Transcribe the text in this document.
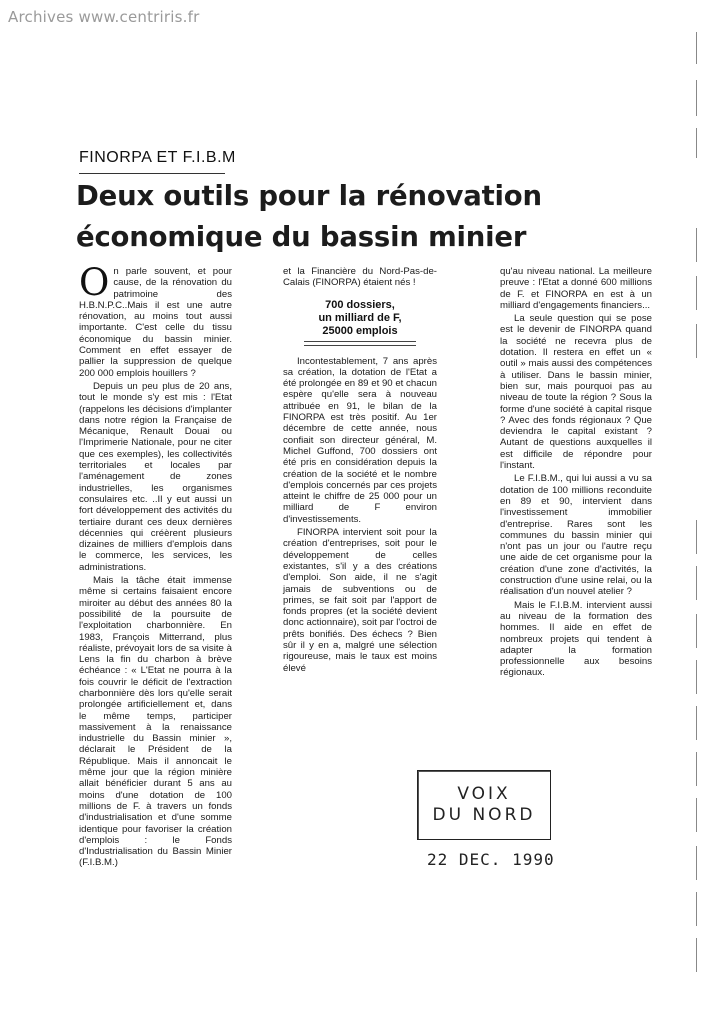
Archives www.centriris.fr
FINORPA ET F.I.B.M
Deux outils pour la rénovation économique du bassin minier
O n parle souvent, et pour cause, de la rénovation du patrimoine des H.B.N.P.C..Mais il est une autre rénovation, au moins tout aussi importante. C'est celle du tissu économique du bassin minier. Comment en effet essayer de pallier la suppression de quelque 200 000 emplois houillers ?

Depuis un peu plus de 20 ans, tout le monde s'y est mis : l'Etat (rappelons les décisions d'implanter dans notre région la Française de Mécanique, Renault Douai ou l'Imprimerie Nationale, pour ne citer que ces exemples), les collectivités territoriales et locales par l'aménagement de zones industrielles, les organismes consulaires etc. ..Il y eut aussi un fort développement des activités du tertiaire durant ces deux dernières décennies qui créèrent plusieurs dizaines de milliers d'emplois dans le commerce, les services, les administrations.

Mais la tâche était immense même si certains faisaient encore miroiter au début des années 80 la possibilité de la poursuite de l'exploitation charbonnière. En 1983, François Mitterrand, plus réaliste, prévoyait lors de sa visite à Lens la fin du charbon à brève échéance : « L'Etat ne pourra à la fois couvrir le déficit de l'extraction charbonnière dès lors qu'elle serait prolongée artificiellement et, dans le même temps, participer massivement à la renaissance industrielle du Bassin minier », déclarait le Président de la République. Mais il annoncait le même jour que la région minière allait bénéficier durant 5 ans au moins d'une dotation de 100 millions de F. à travers un fonds d'industrialisation et d'une somme identique pour favoriser la création d'emplois : le Fonds d'Industrialisation du Bassin Minier (F.I.B.M.)

et la Financière du Nord-Pas-de-Calais (FINORPA) étaient nés !

700 dossiers,
un milliard de F,
25000 emplois

Incontestablement, 7 ans après sa création, la dotation de l'Etat a été prolongée en 89 et 90 et chacun espère qu'elle sera à nouveau attribuée en 91, le bilan de la FINORPA est très positif. Au 1er décembre de cette année, nous confiait son directeur général, M. Michel Guffond, 700 dossiers ont été pris en considération depuis la création de la société et le nombre d'emplois concernés par ces projets atteint le chiffre de 25 000 pour un milliard de F environ d'investissements.

FINORPA intervient soit pour la création d'entreprises, soit pour le développement de celles existantes, s'il y a des créations d'emploi. Son aide, il ne s'agit jamais de subventions ou de primes, se fait soit par l'apport de fonds propres (et la société devient donc actionnaire), soit par l'octroi de prêts bonifiés. Des échecs ? Bien sûr il y en a, malgré une sélection rigoureuse, mais le taux est moins élevé

qu'au niveau national. La meilleure preuve : l'Etat a donné 600 millions de F. et FINORPA en est à un milliard d'engagements financiers...

La seule question qui se pose est le devenir de FINORPA quand la société ne recevra plus de dotation. Il restera en effet un « outil » mais aussi des compétences à utiliser. Dans le bassin minier, bien sur, mais pourquoi pas au niveau de toute la région ? Sous la forme d'une société à capital risque ? Avec des fonds régionaux ? Que deviendra le capital existant ? Autant de questions auxquelles il est difficile de répondre pour l'instant.

Le F.I.B.M., qui lui aussi a vu sa dotation de 100 millions reconduite en 89 et 90, intervient dans l'investissement immobilier d'entreprise. Rares sont les communes du bassin minier qui n'ont pas un jour ou l'autre reçu une aide de cet organisme pour la création d'une zone d'activités, la construction d'une usine relai, ou la réalisation d'un nouvel atelier ?

Mais le F.I.B.M. intervient aussi au niveau de la formation des hommes. Il aide en effet de nombreux projets qui tendent à adapter la formation professionnelle aux besoins régionaux.

VOIX
DU NORD
22 DEC. 1990
